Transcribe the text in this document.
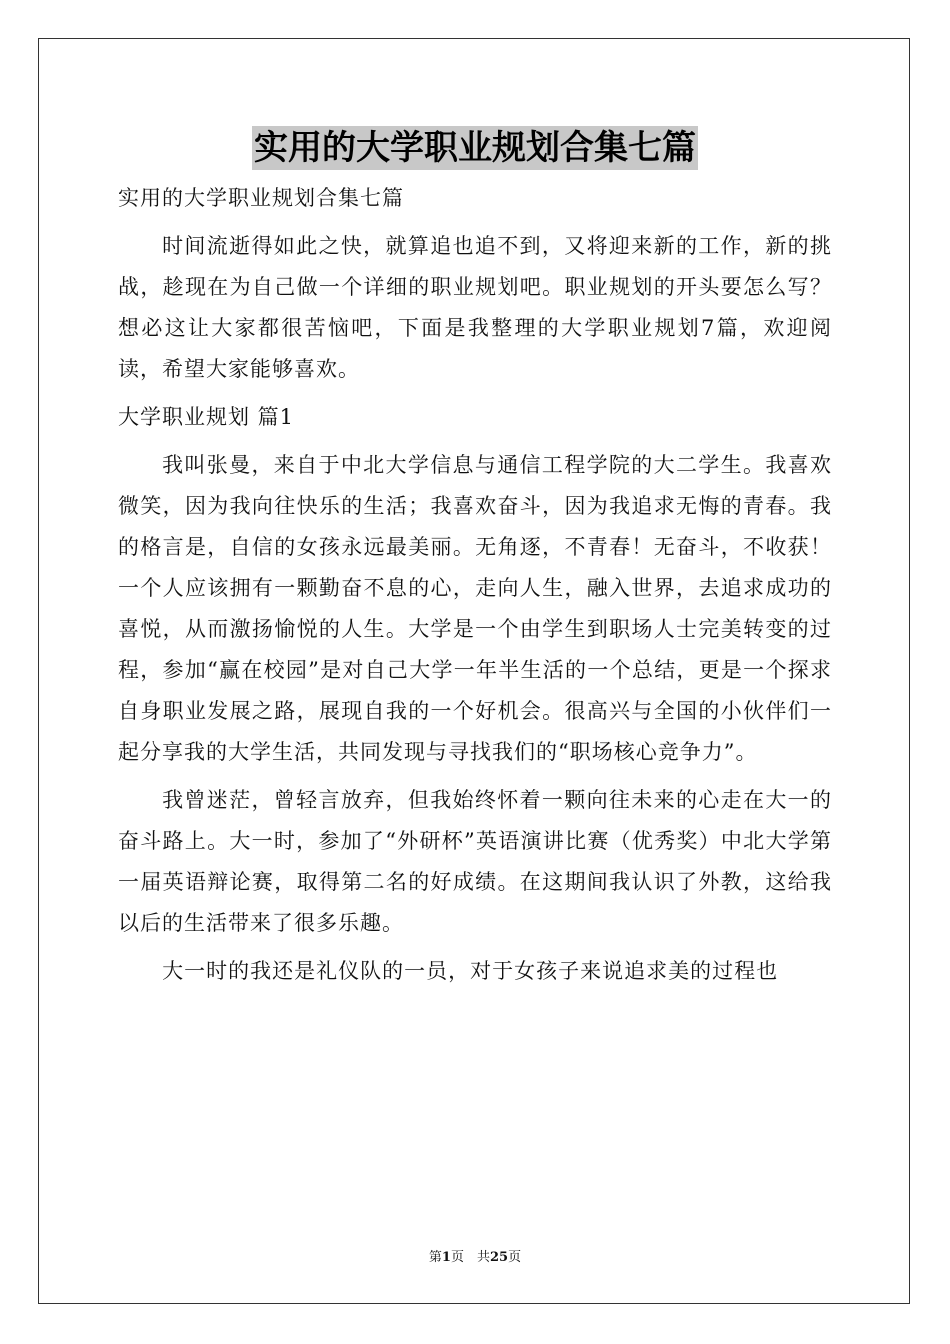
实用的大学职业规划合集七篇

实用的大学职业规划合集七篇

时间流逝得如此之快，就算追也追不到，又将迎来新的工作，新的挑战，趁现在为自己做一个详细的职业规划吧。职业规划的开头要怎么写？想必这让大家都很苦恼吧，下面是我整理的大学职业规划7篇，欢迎阅读，希望大家能够喜欢。

大学职业规划 篇1

我叫张曼，来自于中北大学信息与通信工程学院的大二学生。我喜欢微笑，因为我向往快乐的生活；我喜欢奋斗，因为我追求无悔的青春。我的格言是，自信的女孩永远最美丽。无角逐，不青春！无奋斗，不收获！一个人应该拥有一颗勤奋不息的心，走向人生，融入世界，去追求成功的喜悦，从而激扬愉悦的人生。大学是一个由学生到职场人士完美转变的过程，参加“赢在校园”是对自己大学一年半生活的一个总结，更是一个探求自身职业发展之路，展现自我的一个好机会。很高兴与全国的小伙伴们一起分享我的大学生活，共同发现与寻找我们的“职场核心竞争力”。

我曾迷茫，曾轻言放弃，但我始终怀着一颗向往未来的心走在大一的奋斗路上。大一时，参加了“外研杯”英语演讲比赛（优秀奖）中北大学第一届英语辩论赛，取得第二名的好成绩。在这期间我认识了外教，这给我以后的生活带来了很多乐趣。

大一时的我还是礼仪队的一员，对于女孩子来说追求美的过程也

第1页　共25页
